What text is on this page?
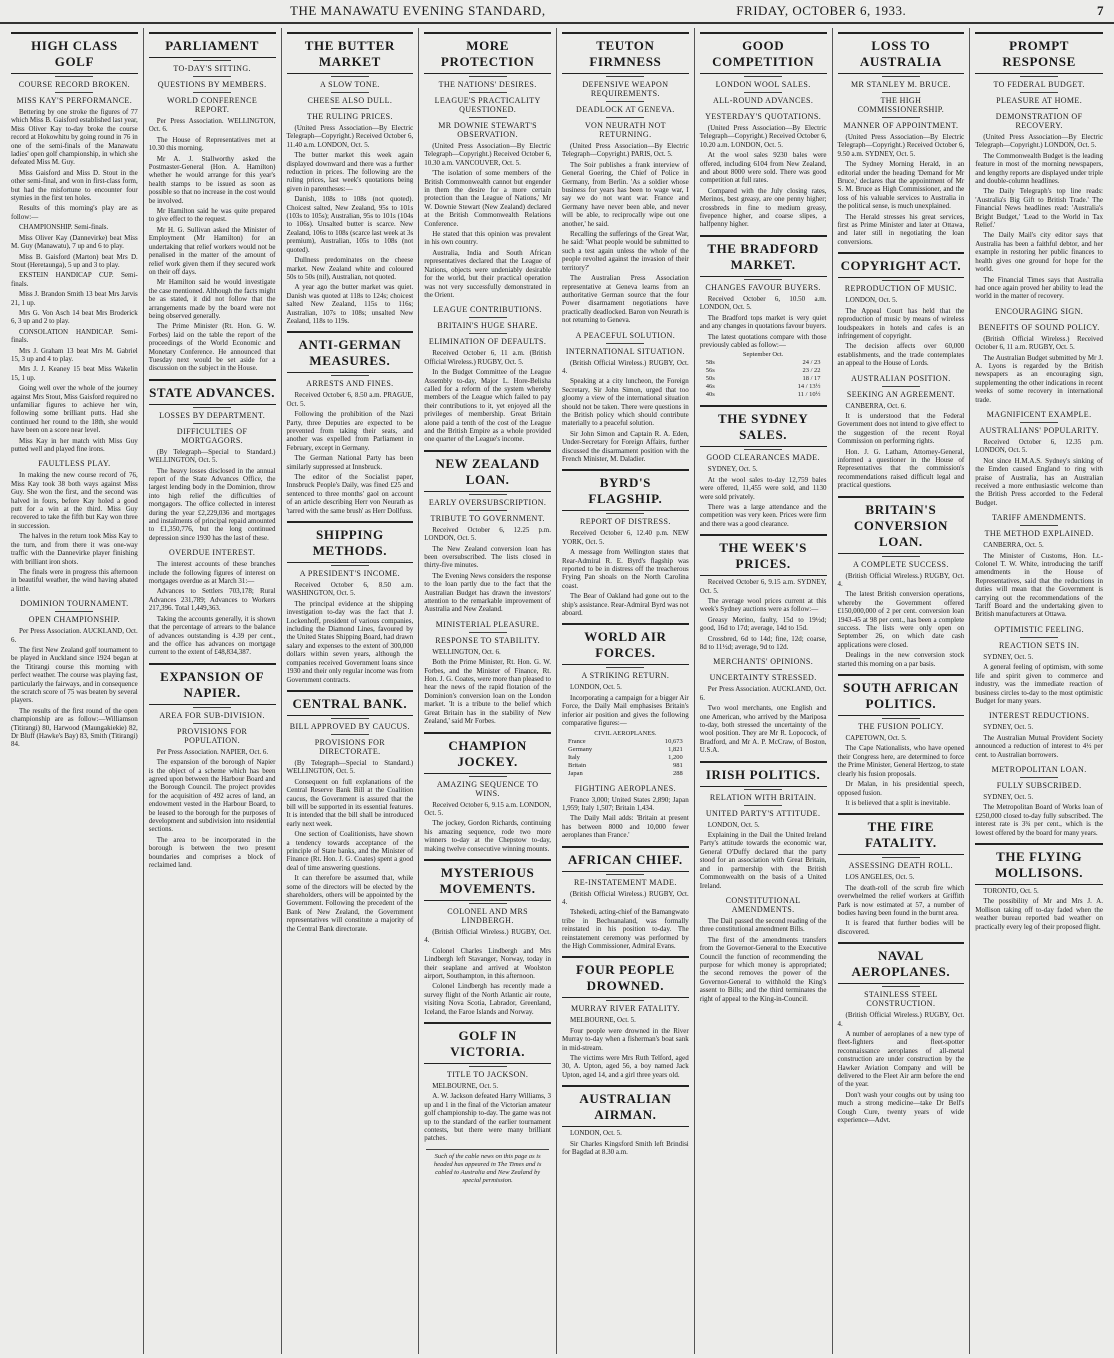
THE MANAWATU EVENING STANDARD,	FRIDAY, OCTOBER 6, 1933.	7
HIGH CLASS GOLF
COURSE RECORD BROKEN.
MISS KAY'S PERFORMANCE.

Bettering by one stroke the figures of 77 which Miss B. Gaisford established last year, Miss Oliver Kay to-day broke the course record at Hokowhitu by going round in 76 in one of the semi-finals of the Manawatu ladies' open golf championship, in which she defeated Miss M. Guy.

Miss Gaisford and Miss D. Stout in the other semi-final, and won in first-class form, but had the misfortune to encounter four stymies in the first ten holes.

Results of this morning's play are as follow:—

CHAMPIONSHIP. Semi-finals.

Miss Oliver Kay (Dannevirke) beat Miss M. Guy (Manawatu), 7 up and 6 to play.

Miss B. Gaisford (Marton) beat Mrs D. Stout (Heretaunga), 5 up and 3 to play.

EKSTEIN HANDICAP CUP. Semi-finals.

Miss J. Brandon Smith 13 beat Mrs Jarvis 21, 1 up.

Mrs G. Von Asch 14 beat Mrs Broderick 6, 3 up and 2 to play.

CONSOLATION HANDICAP. Semi-finals.

Mrs J. Graham 13 beat Mrs M. Gabriel 15, 3 up and 4 to play.

Mrs J. J. Keaney 15 beat Miss Wakelin 15, 1 up.

Going well over the whole of the journey against Mrs Stout, Miss Gaisford required no unfamiliar figures to achieve her win, following some brilliant putts. Had she continued her round to the 18th, she would have been on a score near level.

Miss Kay in her match with Miss Guy putted well and played fine irons.

FAULTLESS PLAY.

In making the new course record of 76, Miss Kay took 38 both ways against Miss Guy. She won the first, and the second was halved in fours, before Kay holed a good putt for a win at the third. Miss Guy recovered to take the fifth but Kay won three in succession.

The halves in the return took Miss Kay to the turn, and from there it was one-way traffic with the Dannevirke player finishing with brilliant iron shots.

The finals were in progress this afternoon in beautiful weather, the wind having abated a little.

DOMINION TOURNAMENT.
OPEN CHAMPIONSHIP.

Per Press Association. AUCKLAND, Oct. 6.

The first New Zealand golf tournament to be played in Auckland since 1924 began at the Titirangi course this morning with perfect weather. The course was playing fast, particularly the fairways, and in consequence the scratch score of 75 was beaten by several players.

The results of the first round of the open championship are as follow:—Williamson (Titirangi) 80, Harwood (Maungakiekie) 82, Dr Bluff (Hawke's Bay) 83, Smith (Titirangi) 84.

PARLIAMENT
TO-DAY'S SITTING.
QUESTIONS BY MEMBERS.
WORLD CONFERENCE REPORT.

Per Press Association. WELLINGTON, Oct. 6.

The House of Representatives met at 10.30 this morning.

Mr A. J. Stallworthy asked the Postmaster-General (Hon. A. Hamilton) whether he would arrange for this year's health stamps to be issued as soon as possible so that no increase in the cost would be involved.

Mr Hamilton said he was quite prepared to give effect to the request.

Mr H. G. Sullivan asked the Minister of Employment (Mr Hamilton) for an undertaking that relief workers would not be penalised in the matter of the amount of relief work given them if they secured work on their off days.

Mr Hamilton said he would investigate the case mentioned. Although the facts might be as stated, it did not follow that the arrangements made by the board were not being observed generally.

The Prime Minister (Rt. Hon. G. W. Forbes) laid on the table the report of the proceedings of the World Economic and Monetary Conference. He announced that Tuesday next would be set aside for a discussion on the subject in the House.

STATE ADVANCES.
LOSSES BY DEPARTMENT.
DIFFICULTIES OF MORTGAGORS.

(By Telegraph—Special to Standard.) WELLINGTON, Oct. 5.

The heavy losses disclosed in the annual report of the State Advances Office, the largest lending body in the Dominion, throw into high relief the difficulties of mortgagors. The office collected in interest during the year £2,229,036 and mortgages and instalments of principal repaid amounted to £1,350,776, but the long continued depression since 1930 has the last of these.

OVERDUE INTEREST.

The interest accounts of these branches include the following figures of interest on mortgages overdue as at March 31:—

Advances to Settlers 703,178; Rural Advances 231,789; Advances to Workers 217,396. Total 1,449,363.

Taking the accounts generally, it is shown that the percentage of arrears to the balance of advances outstanding is 4.39 per cent., and the office has advances on mortgage current to the extent of £48,834,387.

EXPANSION OF NAPIER.
AREA FOR SUB-DIVISION.
PROVISIONS FOR POPULATION.

Per Press Association. NAPIER, Oct. 6.

The expansion of the borough of Napier is the object of a scheme which has been agreed upon between the Harbour Board and the Borough Council. The project provides for the acquisition of 492 acres of land, an endowment vested in the Harbour Board, to be leased to the borough for the purposes of development and subdivision into residential sections.

The area to be incorporated in the borough is between the two present boundaries and comprises a block of reclaimed land.

THE BUTTER MARKET
A SLOW TONE.
CHEESE ALSO DULL.
THE RULING PRICES.

(United Press Association—By Electric Telegraph—Copyright.) Received October 6, 11.40 a.m. LONDON, Oct. 5.

The butter market this week again displayed downward and there was a further reduction in prices. The following are the ruling prices, last week's quotations being given in parentheses:—

Danish, 108s to 108s (not quoted). Choicest salted, New Zealand, 95s to 101s (103s to 105s); Australian, 95s to 101s (104s to 106s). Unsalted butter is scarce. New Zealand, 106s to 108s (scarce last week at 3s premium), Australian, 105s to 108s (not quoted).

Dullness predominates on the cheese market. New Zealand white and coloured 50s to 50s (nil), Australian, not quoted.

A year ago the butter market was quiet. Danish was quoted at 118s to 124s; choicest salted New Zealand, 115s to 116s; Australian, 107s to 108s; unsalted New Zealand, 118s to 119s.

ANTI-GERMAN MEASURES.
ARRESTS AND FINES.

Received October 6, 8.50 a.m. PRAGUE, Oct. 5.

Following the prohibition of the Nazi Party, three Deputies are expected to be prevented from taking their seats, and another was expelled from Parliament in February, except in Germany.

The German National Party has been similarly suppressed at Innsbruck.

The editor of the Socialist paper, Innsbruck People's Daily, was fined £25 and sentenced to three months' gaol on account of an article describing Herr von Neurath as 'tarred with the same brush' as Herr Dollfuss.

SHIPPING METHODS.
A PRESIDENT'S INCOME.

Received October 6, 8.50 a.m. WASHINGTON, Oct. 5.

The principal evidence at the shipping investigation to-day was the fact that J. Lockenhoff, president of various companies, including the Diamond Lines, favoured by the United States Shipping Board, had drawn salary and expenses to the extent of 300,000 dollars within seven years, although the companies received Government loans since 1930 and their only regular income was from Government contracts.

CENTRAL BANK.
BILL APPROVED BY CAUCUS.
PROVISIONS FOR DIRECTORATE.

(By Telegraph—Special to Standard.) WELLINGTON, Oct. 5.

Consequent on full explanations of the Central Reserve Bank Bill at the Coalition caucus, the Government is assured that the bill will be supported in its essential features. It is intended that the bill shall be introduced early next week.

One section of Coalitionists, have shown a tendency towards acceptance of the principle of State banks, and the Minister of Finance (Rt. Hon. J. G. Coates) spent a good deal of time answering questions.

It can therefore be assumed that, while some of the directors will be elected by the shareholders, others will be appointed by the Government. Following the precedent of the Bank of New Zealand, the Government representatives will constitute a majority of the Central Bank directorate.

MORE PROTECTION
THE NATIONS' DESIRES.
LEAGUE'S PRACTICALITY QUESTIONED.
MR DOWNIE STEWART'S OBSERVATION.

(United Press Association—By Electric Telegraph—Copyright.) Received October 6, 10.30 a.m. VANCOUVER, Oct. 5.

'The isolation of some members of the British Commonwealth cannot but engender in them the desire for a more certain protection than the League of Nations,' Mr W. Downie Stewart (New Zealand) declared at the British Commonwealth Relations Conference.

He stated that this opinion was prevalent in his own country.

Australia, India and South African representatives declared that the League of Nations, objects were undeniably desirable for the world, but their practical operation was not very successfully demonstrated in the Orient.

LEAGUE CONTRIBUTIONS.
BRITAIN'S HUGE SHARE.
ELIMINATION OF DEFAULTS.

Received October 6, 11 a.m. (British Official Wireless.) RUGBY, Oct. 5.

In the Budget Committee of the League Assembly to-day, Major L. Hore-Belisha called for a reform of the system whereby members of the League which failed to pay their contributions to it, yet enjoyed all the privileges of membership. Great Britain alone paid a tenth of the cost of the League and the British Empire as a whole provided one quarter of the League's income.

NEW ZEALAND LOAN.
EARLY OVERSUBSCRIPTION.
TRIBUTE TO GOVERNMENT.

Received October 6, 12.25 p.m. LONDON, Oct. 5.

The New Zealand conversion loan has been oversubscribed. The lists closed in thirty-five minutes.

The Evening News considers the response to the loan partly due to the fact that the Australian Budget has drawn the investors' attention to the remarkable improvement of Australia and New Zealand.

MINISTERIAL PLEASURE.
RESPONSE TO STABILITY.

WELLINGTON, Oct. 6.

Both the Prime Minister, Rt. Hon. G. W. Forbes, and the Minister of Finance, Rt. Hon. J. G. Coates, were more than pleased to hear the news of the rapid flotation of the Dominion's conversion loan on the London market. 'It is a tribute to the belief which Great Britain has in the stability of New Zealand,' said Mr Forbes.

CHAMPION JOCKEY.
AMAZING SEQUENCE TO WINS.

Received October 6, 9.15 a.m. LONDON, Oct. 5.

The jockey, Gordon Richards, continuing his amazing sequence, rode two more winners to-day at the Chepstow to-day, making twelve consecutive winning mounts.

MYSTERIOUS MOVEMENTS.
COLONEL AND MRS LINDBERGH.

(British Official Wireless.) RUGBY, Oct. 4.

Colonel Charles Lindbergh and Mrs Lindbergh left Stavanger, Norway, today in their seaplane and arrived at Woolston airport, Southampton, in this afternoon.

Colonel Lindbergh has recently made a survey flight of the North Atlantic air route, visiting Nova Scotia, Labrador, Greenland, Iceland, the Faroe Islands and Norway.

GOLF IN VICTORIA.
TITLE TO JACKSON.

MELBOURNE, Oct. 5.

A. W. Jackson defeated Harry Williams, 3 up and 1 in the final of the Victorian amateur golf championship to-day. The game was not up to the standard of the earlier tournament contests, but there were many brilliant patches.

Such of the cable news on this page as is headed has appeared in The Times and is cabled to Australia and New Zealand by special permission.
TEUTON FIRMNESS
DEFENSIVE WEAPON REQUIREMENTS.
DEADLOCK AT GENEVA.
VON NEURATH NOT RETURNING.

(United Press Association—By Electric Telegraph—Copyright.) PARIS, Oct. 5.

The Soir publishes a frank interview of General Goering, the Chief of Police in Germany, from Berlin. 'As a soldier whose business for years has been to wage war, I say we do not want war. France and Germany have never been able, and never will be able, to reciprocally wipe out one another,' he said.

Recalling the sufferings of the Great War, he said: 'What people would be submitted to such a test again unless the whole of the people revolted against the invasion of their territory?'

The Australian Press Association representative at Geneva learns from an authoritative German source that the four Power disarmament negotiations have practically deadlocked. Baron von Neurath is not returning to Geneva.

A PEACEFUL SOLUTION.
INTERNATIONAL SITUATION.

(British Official Wireless.) RUGBY, Oct. 4.

Speaking at a city luncheon, the Foreign Secretary, Sir John Simon, urged that too gloomy a view of the international situation should not be taken. There were questions in the British policy which should contribute materially to a peaceful solution.

Sir John Simon and Captain R. A. Eden, Under-Secretary for Foreign Affairs, further discussed the disarmament position with the French Minister, M. Daladier.

BYRD'S FLAGSHIP.
REPORT OF DISTRESS.

Received October 6, 12.40 p.m. NEW YORK, Oct. 5.

A message from Wellington states that Rear-Admiral R. E. Byrd's flagship was reported to be in distress off the treacherous Frying Pan shoals on the North Carolina coast.

The Bear of Oakland had gone out to the ship's assistance. Rear-Admiral Byrd was not aboard.

WORLD AIR FORCES.
A STRIKING RETURN.

LONDON, Oct. 5.

Incorporating a campaign for a bigger Air Force, the Daily Mail emphasises Britain's inferior air position and gives the following comparative figures:—

CIVIL AEROPLANES.
France	10,673
Germany	1,821
Italy	1,200
Britain	981
Japan	288
FIGHTING AEROPLANES.

France 3,000; United States 2,890; Japan 1,959; Italy 1,507; Britain 1,434.

The Daily Mail adds: 'Britain at present has between 8000 and 10,000 fewer aeroplanes than France.'

AFRICAN CHIEF.
RE-INSTATEMENT MADE.

(British Official Wireless.) RUGBY, Oct. 4.

Tshekedi, acting-chief of the Bamangwato tribe in Bechuanaland, was formally reinstated in his position to-day. The reinstatement ceremony was performed by the High Commissioner, Admiral Evans.

FOUR PEOPLE DROWNED.
MURRAY RIVER FATALITY.

MELBOURNE, Oct. 5.

Four people were drowned in the River Murray to-day when a fisherman's boat sank in mid-stream.

The victims were Mrs Ruth Telford, aged 30, A. Upton, aged 56, a boy named Jack Upton, aged 14, and a girl three years old.

AUSTRALIAN AIRMAN.

LONDON, Oct. 5.

Sir Charles Kingsford Smith left Brindisi for Bagdad at 8.30 a.m.

GOOD COMPETITION
LONDON WOOL SALES.
ALL-ROUND ADVANCES.
YESTERDAY'S QUOTATIONS.

(United Press Association—By Electric Telegraph—Copyright.) Received October 6, 10.20 a.m. LONDON, Oct. 5.

At the wool sales 9230 bales were offered, including 6104 from New Zealand, and about 8000 were sold. There was good competition at full rates.

Compared with the July closing rates, Merinos, best greasy, are one penny higher; crossbreds in fine to medium greasy, fivepence higher, and coarse slipes, a halfpenny higher.

THE BRADFORD MARKET.
CHANGES FAVOUR BUYERS.

Received October 6, 10.50 a.m. LONDON, Oct. 5.

The Bradford tops market is very quiet and any changes in quotations favour buyers.

The latest quotations compare with those previously cabled as follow:—

September Oct.
58s	24 / 23
56s	23 / 22
50s	18 / 17
46s	14 / 13½
40s	11 / 10½
THE SYDNEY SALES.
GOOD CLEARANCES MADE.

SYDNEY, Oct. 5.

At the wool sales to-day 12,759 bales were offered, 11,455 were sold, and 1130 were sold privately.

There was a large attendance and the competition was very keen. Prices were firm and there was a good clearance.

THE WEEK'S PRICES.

Received October 6, 9.15 a.m. SYDNEY, Oct. 5.

The average wool prices current at this week's Sydney auctions were as follow:—

Greasy Merino, faulty, 15d to 19½d; good, 16d to 17d; average, 14d to 15d.

Crossbred, 6d to 14d; fine, 12d; coarse, 8d to 11½d; average, 9d to 12d.

MERCHANTS' OPINIONS.
UNCERTAINTY STRESSED.

Per Press Association. AUCKLAND, Oct. 6.

Two wool merchants, one English and one American, who arrived by the Mariposa to-day, both stressed the uncertainty of the wool position. They are Mr R. Lopocock, of Bradford, and Mr A. P. McCraw, of Boston, U.S.A.

IRISH POLITICS.
RELATION WITH BRITAIN.
UNITED PARTY'S ATTITUDE.

LONDON, Oct. 5.

Explaining in the Dail the United Ireland Party's attitude towards the economic war, General O'Duffy declared that the party stood for an association with Great Britain, and in partnership with the British Commonwealth on the basis of a United Ireland.

CONSTITUTIONAL AMENDMENTS.

The Dail passed the second reading of the three constitutional amendment Bills.

The first of the amendments transfers from the Governor-General to the Executive Council the function of recommending the purpose for which money is appropriated; the second removes the power of the Governor-General to withhold the King's assent to Bills; and the third terminates the right of appeal to the King-in-Council.

LOSS TO AUSTRALIA
MR STANLEY M. BRUCE.
THE HIGH COMMISSIONERSHIP.
MANNER OF APPOINTMENT.

(United Press Association—By Electric Telegraph—Copyright.) Received October 6, 9.50 a.m. SYDNEY, Oct. 5.

The Sydney Morning Herald, in an editorial under the heading 'Demand for Mr Bruce,' declares that the appointment of Mr S. M. Bruce as High Commissioner, and the loss of his valuable services to Australia in the political sense, is much unexplained.

The Herald stresses his great services, first as Prime Minister and later at Ottawa, and later still in negotiating the loan conversions.

COPYRIGHT ACT.
REPRODUCTION OF MUSIC.

LONDON, Oct. 5.

The Appeal Court has held that the reproduction of music by means of wireless loudspeakers in hotels and cafes is an infringement of copyright.

The decision affects over 60,000 establishments, and the trade contemplates an appeal to the House of Lords.

AUSTRALIAN POSITION.
SEEKING AN AGREEMENT.

CANBERRA, Oct. 6.

It is understood that the Federal Government does not intend to give effect to the suggestion of the recent Royal Commission on performing rights.

Hon. J. G. Latham, Attorney-General, informed a questioner in the House of Representatives that the commission's recommendations raised difficult legal and practical questions.

BRITAIN'S CONVERSION LOAN.
A COMPLETE SUCCESS.

(British Official Wireless.) RUGBY, Oct. 4.

The latest British conversion operations, whereby the Government offered £150,000,000 of 2 per cent. conversion loan 1943-45 at 98 per cent., has been a complete success. The lists were only open on September 26, on which date cash applications were closed.

Dealings in the new conversion stock started this morning on a par basis.

SOUTH AFRICAN POLITICS.
THE FUSION POLICY.

CAPETOWN, Oct. 5.

The Cape Nationalists, who have opened their Congress here, are determined to force the Prime Minister, General Hertzog, to state clearly his fusion proposals.

Dr Malan, in his presidential speech, opposed fusion.

It is believed that a split is inevitable.

THE FIRE FATALITY.
ASSESSING DEATH ROLL.

LOS ANGELES, Oct. 5.

The death-roll of the scrub fire which overwhelmed the relief workers at Griffith Park is now estimated at 57, a number of bodies having been found in the burnt area.

It is feared that further bodies will be discovered.

NAVAL AEROPLANES.
STAINLESS STEEL CONSTRUCTION.

(British Official Wireless.) RUGBY, Oct. 4.

A number of aeroplanes of a new type of fleet-fighters and fleet-spotter reconnaissance aeroplanes of all-metal construction are under construction by the Hawker Aviation Company and will be delivered to the Fleet Air arm before the end of the year.

Don't wash your coughs out by using too much a strong medicine—take Dr Bell's Cough Cure, twenty years of wide experience—Advt.

PROMPT RESPONSE
TO FEDERAL BUDGET.
PLEASURE AT HOME.
DEMONSTRATION OF RECOVERY.

(United Press Association—By Electric Telegraph—Copyright.) LONDON, Oct. 5.

The Commonwealth Budget is the leading feature in most of the morning newspapers, and lengthy reports are displayed under triple and double-column headlines.

The Daily Telegraph's top line reads: 'Australia's Big Gift to British Trade.' The Financial News headlines read: 'Australia's Bright Budget,' 'Lead to the World in Tax Relief.'

The Daily Mail's city editor says that Australia has been a faithful debtor, and her example in restoring her public finances to health gives one ground for hope for the world.

The Financial Times says that Australia had once again proved her ability to lead the world in the matter of recovery.

ENCOURAGING SIGN.
BENEFITS OF SOUND POLICY.

(British Official Wireless.) Received October 6, 11 a.m. RUGBY, Oct. 5.

The Australian Budget submitted by Mr J. A. Lyons is regarded by the British newspapers as an encouraging sign, supplementing the other indications in recent weeks of some recovery in international trade.

MAGNIFICENT EXAMPLE.
AUSTRALIANS' POPULARITY.

Received October 6, 12.35 p.m. LONDON, Oct. 5.

Not since H.M.A.S. Sydney's sinking of the Emden caused England to ring with praise of Australia, has an Australian received a more enthusiastic welcome than the British Press accorded to the Federal Budget.

TARIFF AMENDMENTS.
THE METHOD EXPLAINED.

CANBERRA, Oct. 5.

The Minister of Customs, Hon. Lt.-Colonel T. W. White, introducing the tariff amendments in the House of Representatives, said that the reductions in duties will mean that the Government is carrying out the recommendations of the Tariff Board and the undertaking given to British manufacturers at Ottawa.

OPTIMISTIC FEELING.
REACTION SETS IN.

SYDNEY, Oct. 5.

A general feeling of optimism, with some life and spirit given to commerce and industry, was the immediate reaction of business circles to-day to the most optimistic Budget for many years.

INTEREST REDUCTIONS.

SYDNEY, Oct. 5.

The Australian Mutual Provident Society announced a reduction of interest to 4½ per cent. to Australian borrowers.

METROPOLITAN LOAN.
FULLY SUBSCRIBED.

SYDNEY, Oct. 5.

The Metropolitan Board of Works loan of £250,000 closed to-day fully subscribed. The interest rate is 3¾ per cent., which is the lowest offered by the board for many years.

THE FLYING MOLLISONS.

TORONTO, Oct. 5.

The possibility of Mr and Mrs J. A. Mollison taking off to-day faded when the weather bureau reported bad weather on practically every leg of their proposed flight.
